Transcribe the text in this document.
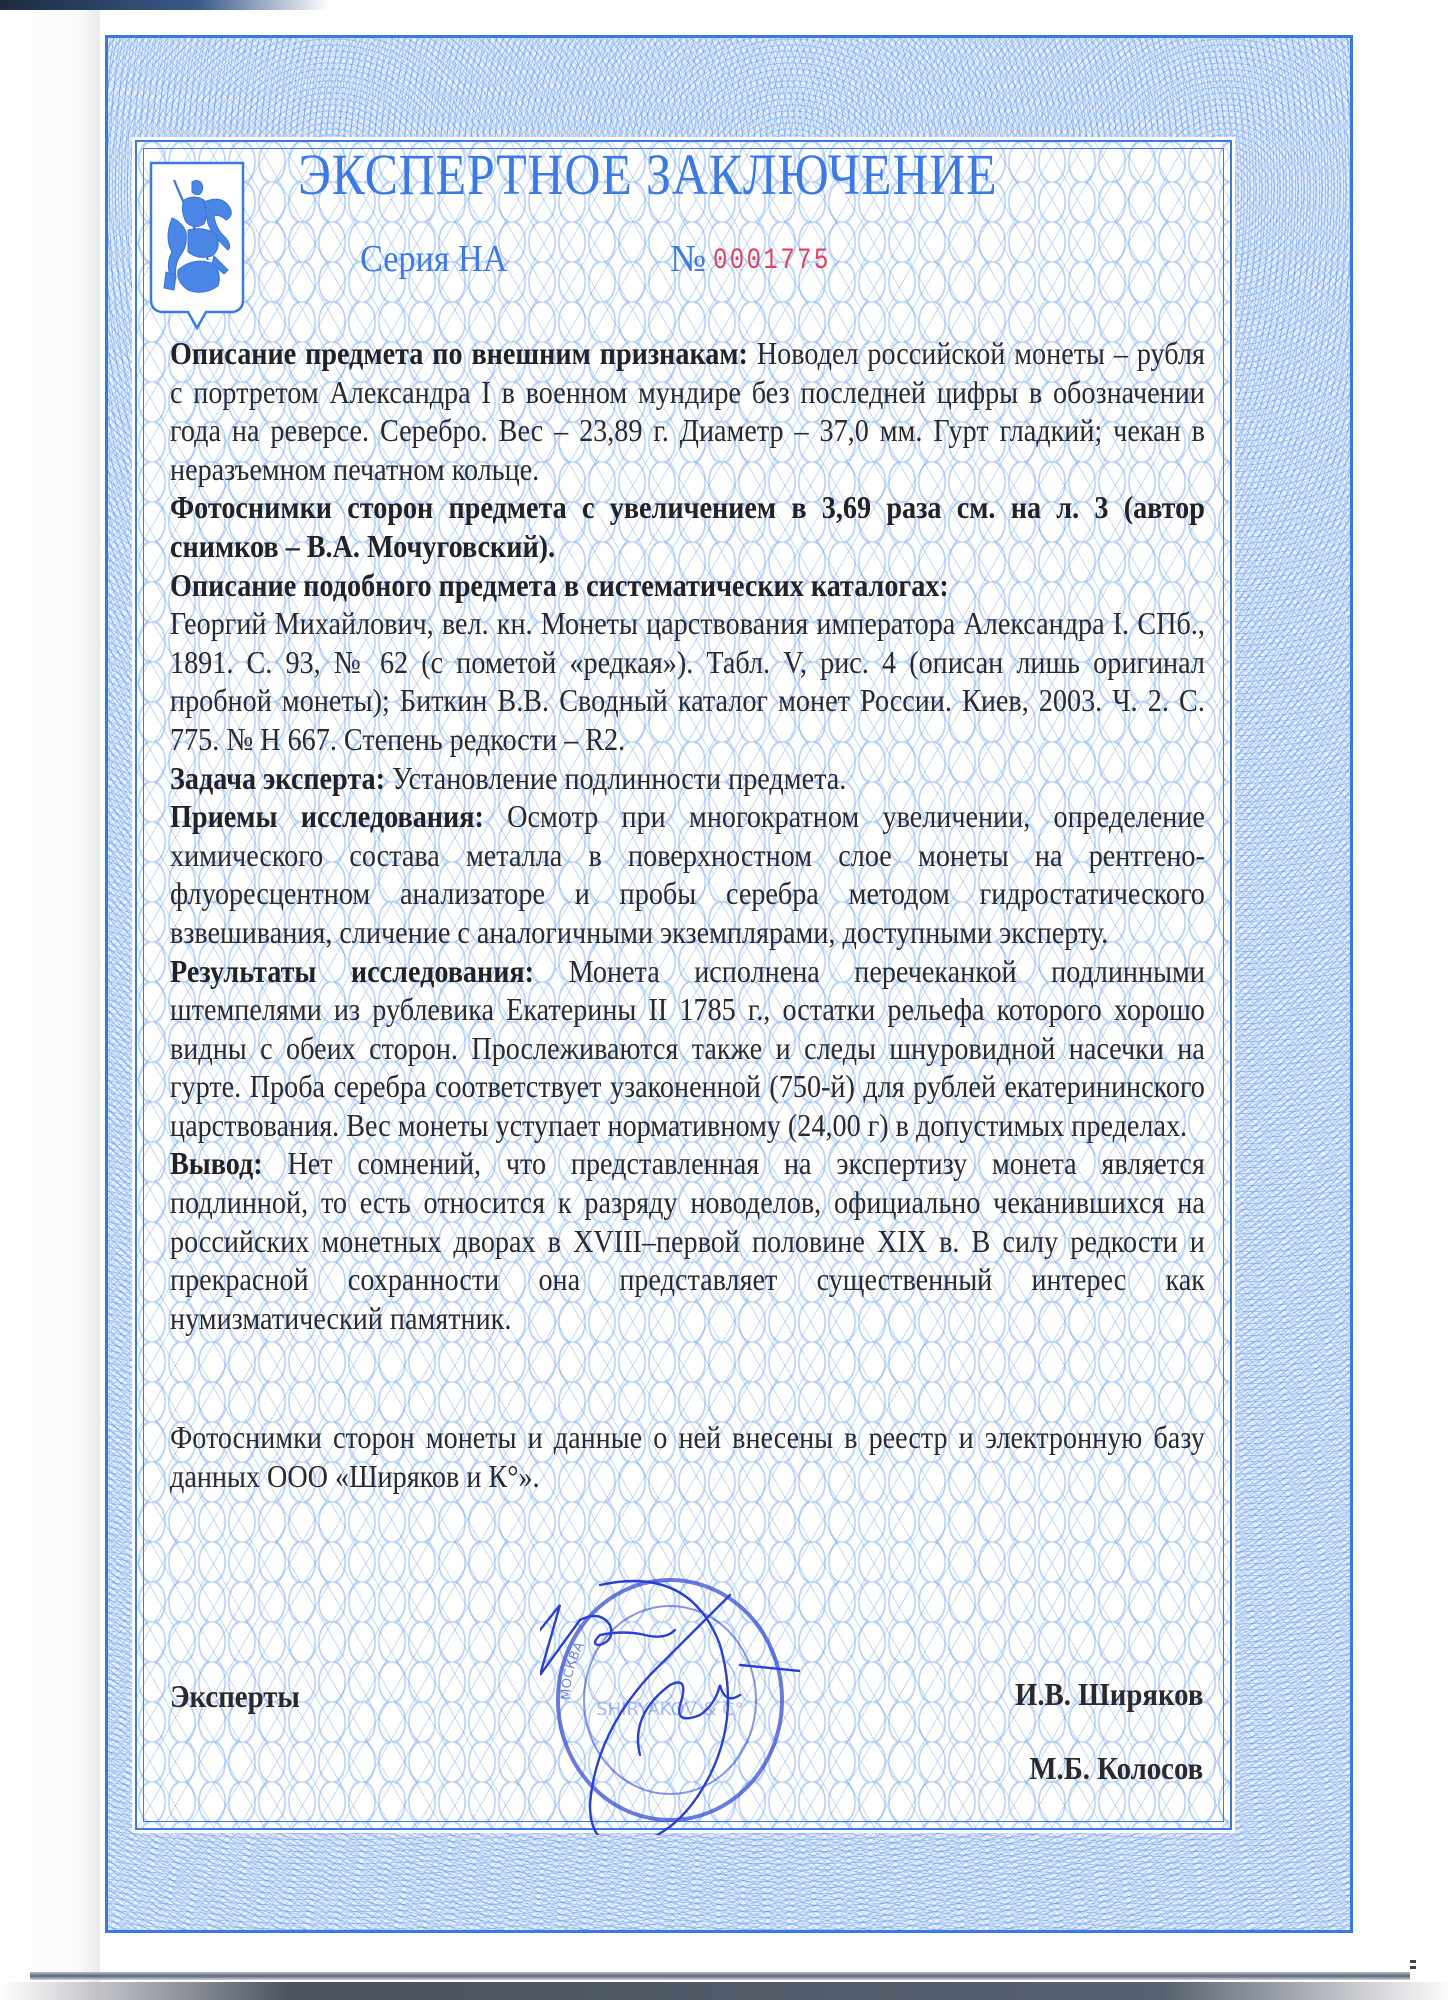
ЭКСПЕРТНОЕ ЗАКЛЮЧЕНИЕ
Серия НА	№ 0001775

Описание предмета по внешним признакам: Новодел российской монеты – рубля с портретом Александра I в военном мундире без последней цифры в обозначении года на реверсе. Серебро. Вес – 23,89 г. Диаметр – 37,0 мм. Гурт гладкий; чекан в неразъемном печатном кольце.

Фотоснимки сторон предмета с увеличением в 3,69 раза см. на л. 3 (автор снимков – В.А. Мочуговский).

Описание подобного предмета в систематических каталогах:

Георгий Михайлович, вел. кн. Монеты царствования императора Александра I. СПб., 1891. С. 93, № 62 (с пометой «редкая»). Табл. V, рис. 4 (описан лишь оригинал пробной монеты); Биткин В.В. Сводный каталог монет России. Киев, 2003. Ч. 2. С. 775. № Н 667. Степень редкости – R2.

Задача эксперта: Установление подлинности предмета.

Приемы исследования: Осмотр при многократном увеличении, определение химического состава металла в поверхностном слое монеты на рентгено-флуоресцентном анализаторе и пробы серебра методом гидростатического взвешивания, сличение с аналогичными экземплярами, доступными эксперту.

Результаты исследования: Монета исполнена перечеканкой подлинными штемпелями из рублевика Екатерины II 1785 г., остатки рельефа которого хорошо видны с обеих сторон. Прослеживаются также и следы шнуровидной насечки на гурте. Проба серебра соответствует узаконенной (750-й) для рублей екатерининского царствования. Вес монеты уступает нормативному (24,00 г) в допустимых пределах.

Вывод: Нет сомнений, что представленная на экспертизу монета является подлинной, то есть относится к разряду новоделов, официально чеканившихся на российских монетных дворах в XVIII–первой половине XIX в. В силу редкости и прекрасной сохранности она представляет существенный интерес как нумизматический памятник.

Фотоснимки сторон монеты и данные о ней внесены в реестр и электронную базу данных ООО «Ширяков и К°».

Эксперты	И.В. Ширяков
М.Б. Колосов
МОСКВА
SHIRYAKOV & C°
